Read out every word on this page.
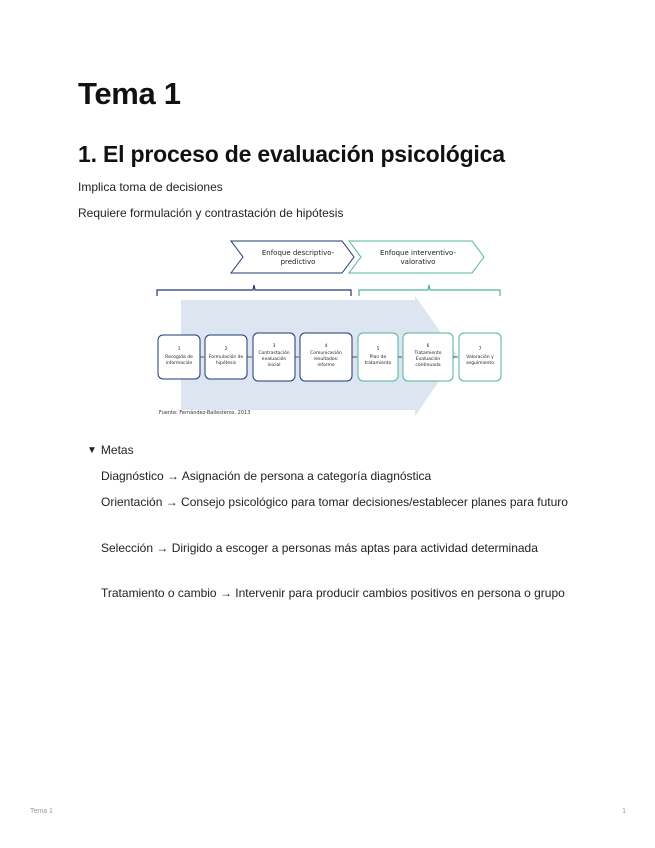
Tema 1
1. El proceso de evaluación psicológica

Implica toma de decisiones

Requiere formulación y contrastación de hipótesis

Enfoque descriptivo-
predictivo
Enfoque interventivo-
valorativo
1
Recogida de
información
2
Formulación de
hipótesis
3
Contrastación
evaluación
inicial
4
Comunicación
resultados:
informe
5
Plan de
tratamiento
6
Tratamiento
Evaluación
continuada
7
Valoración y
seguimiento
Fuente: Fernández-Ballesteros, 2013
▼ Metas

Diagnóstico → Asignación de persona a categoría diagnóstica

Orientación → Consejo psicológico para tomar decisiones/establecer planes para futuro

Selección → Dirigido a escoger a personas más aptas para actividad determinada

Tratamiento o cambio → Intervenir para producir cambios positivos en persona o grupo

Tema 1	1
